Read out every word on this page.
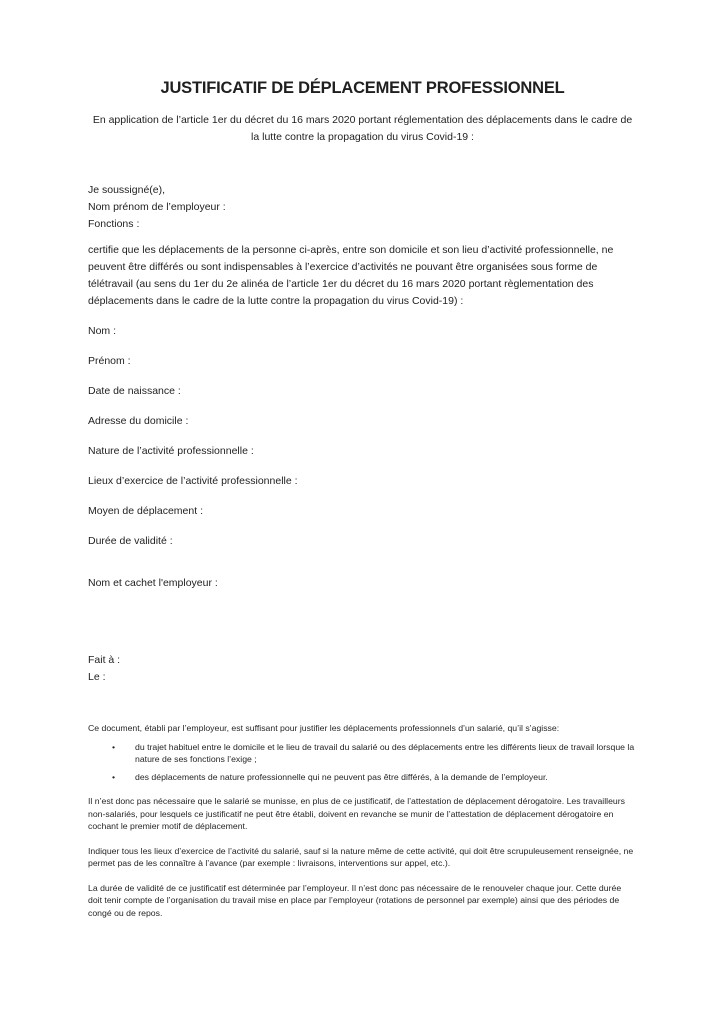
JUSTIFICATIF DE DÉPLACEMENT PROFESSIONNEL
En application de l’article 1er du décret du 16 mars 2020 portant réglementation des déplacements dans le cadre de la lutte contre la propagation du virus Covid-19 :
Je soussigné(e),
Nom prénom de l’employeur :
Fonctions :
certifie que les déplacements de la personne ci-après, entre son domicile et son lieu d’activité professionnelle, ne peuvent être différés ou sont indispensables à l’exercice d’activités ne pouvant être organisées sous forme de télétravail (au sens du 1er du 2e alinéa de l’article 1er du décret du 16 mars 2020 portant règlementation des déplacements dans le cadre de la lutte contre la propagation du virus Covid-19) :
Nom :
Prénom :
Date de naissance :
Adresse du domicile :
Nature de l’activité professionnelle :
Lieux d’exercice de l’activité professionnelle :
Moyen de déplacement :
Durée de validité :
Nom et cachet l'employeur :
Fait à :
Le :
Ce document, établi par l’employeur, est suffisant pour justifier les déplacements professionnels d’un salarié, qu’il s’agisse:
•	du trajet habituel entre le domicile et le lieu de travail du salarié ou des déplacements entre les différents lieux de travail lorsque la nature de ses fonctions l’exige ;
•	des déplacements de nature professionnelle qui ne peuvent pas être différés, à la demande de l’employeur.
Il n’est donc pas nécessaire que le salarié se munisse, en plus de ce justificatif, de l’attestation de déplacement dérogatoire. Les travailleurs non-salariés, pour lesquels ce justificatif ne peut être établi, doivent en revanche se munir de l’attestation de déplacement dérogatoire en cochant le premier motif de déplacement.
Indiquer tous les lieux d’exercice de l’activité du salarié, sauf si la nature même de cette activité, qui doit être scrupuleusement renseignée, ne permet pas de les connaître à l’avance (par exemple : livraisons, interventions sur appel, etc.).
La durée de validité de ce justificatif est déterminée par l’employeur. Il n’est donc pas nécessaire de le renouveler chaque jour. Cette durée doit tenir compte de l’organisation du travail mise en place par l’employeur (rotations de personnel par exemple) ainsi que des périodes de congé ou de repos.
